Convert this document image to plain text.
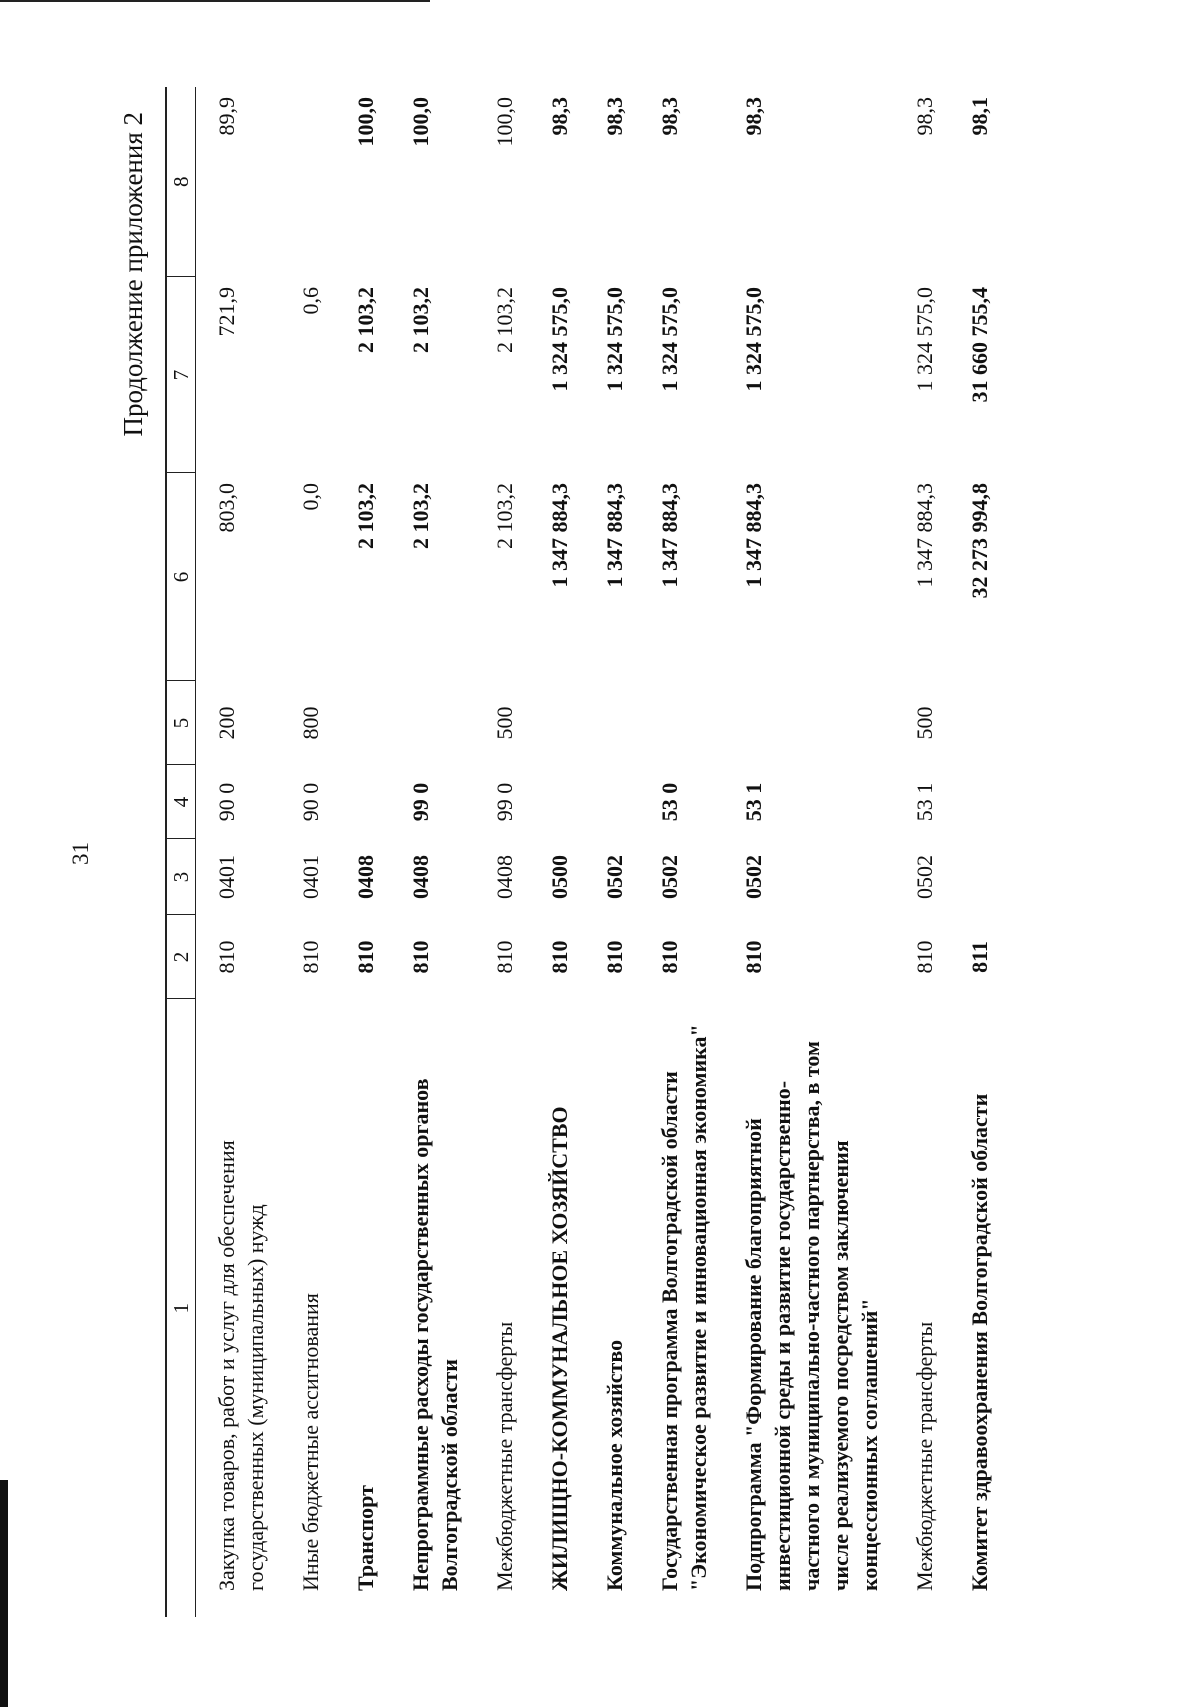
31
Продолжение приложения 2
1	2	3	4	5	6	7	8
Закупка товаров, работ и услуг для обеспечения государственных (муниципальных) нужд	810	0401	90 0	200	803,0	721,9	89,9
Иные бюджетные ассигнования	810	0401	90 0	800	0,0	0,6	
Транспорт	810	0408			2 103,2	2 103,2	100,0
Непрограммные расходы государственных органов Волгоградской области	810	0408	99 0		2 103,2	2 103,2	100,0
Межбюджетные трансферты	810	0408	99 0	500	2 103,2	2 103,2	100,0
ЖИЛИЩНО-КОММУНАЛЬНОЕ ХОЗЯЙСТВО	810	0500			1 347 884,3	1 324 575,0	98,3
Коммунальное хозяйство	810	0502			1 347 884,3	1 324 575,0	98,3
Государственная программа Волгоградской области "Экономическое развитие и инновационная экономика"	810	0502	53 0		1 347 884,3	1 324 575,0	98,3
Подпрограмма "Формирование благоприятной инвестиционной среды и развитие государственно-частного и муниципально-частного партнерства, в том числе реализуемого посредством заключения концессионных соглашений"	810	0502	53 1		1 347 884,3	1 324 575,0	98,3
Межбюджетные трансферты	810	0502	53 1	500	1 347 884,3	1 324 575,0	98,3
Комитет здравоохранения Волгоградской области	811				32 273 994,8	31 660 755,4	98,1
